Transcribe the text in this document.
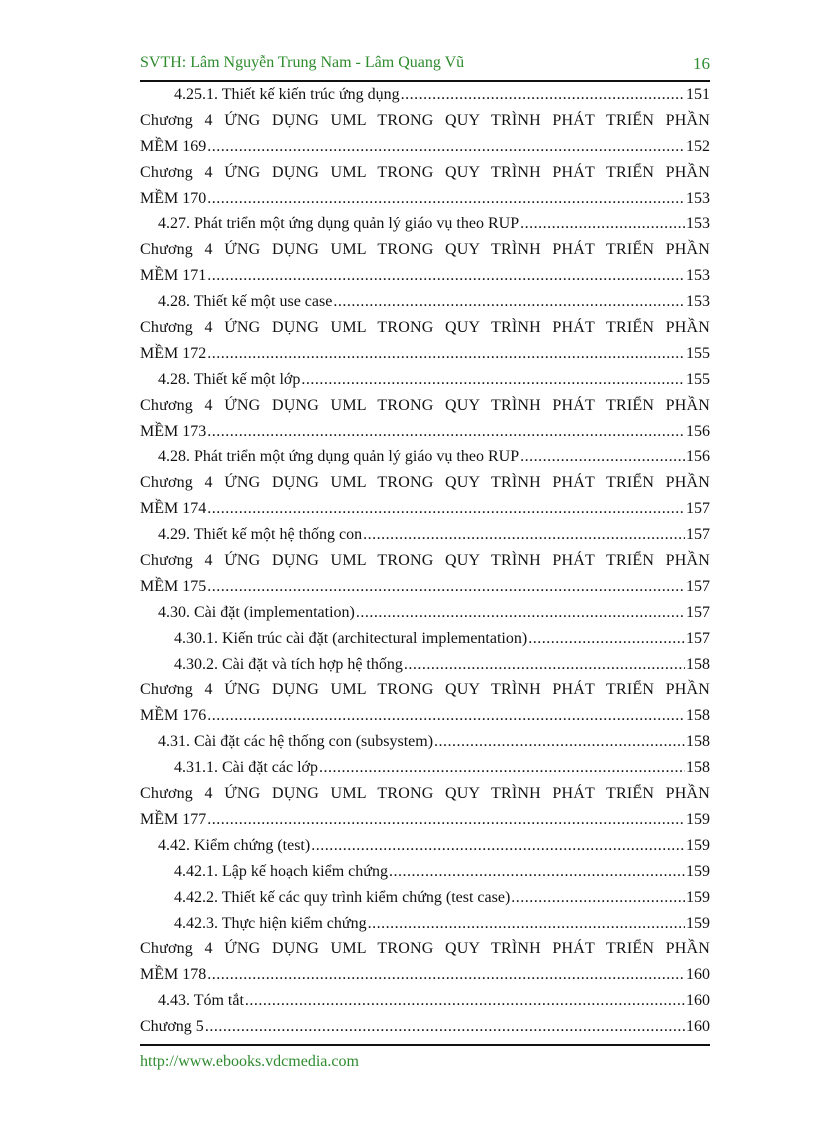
SVTH: Lâm Nguyễn Trung Nam - Lâm Quang Vũ	16
4.25.1. Thiết kế kiến trúc ứng dụng .....	151
Chương 4 ỨNG DỤNG UML TRONG QUY TRÌNH PHÁT TRIỂN PHẦN
MỀM 169 .....	152
Chương 4 ỨNG DỤNG UML TRONG QUY TRÌNH PHÁT TRIỂN PHẦN
MỀM 170 .....	153
4.27. Phát triển một ứng dụng quản lý giáo vụ theo RUP .....	153
Chương 4 ỨNG DỤNG UML TRONG QUY TRÌNH PHÁT TRIỂN PHẦN
MỀM 171 .....	153
4.28. Thiết kế một use case .....	153
Chương 4 ỨNG DỤNG UML TRONG QUY TRÌNH PHÁT TRIỂN PHẦN
MỀM 172 .....	155
4.28. Thiết kế một lớp .....	155
Chương 4 ỨNG DỤNG UML TRONG QUY TRÌNH PHÁT TRIỂN PHẦN
MỀM 173 .....	156
4.28. Phát triển một ứng dụng quản lý giáo vụ theo RUP .....	156
Chương 4 ỨNG DỤNG UML TRONG QUY TRÌNH PHÁT TRIỂN PHẦN
MỀM 174 .....	157
4.29. Thiết kế một hệ thống con .....	157
Chương 4 ỨNG DỤNG UML TRONG QUY TRÌNH PHÁT TRIỂN PHẦN
MỀM 175 .....	157
4.30. Cài đặt (implementation) .....	157
4.30.1. Kiến trúc cài đặt (architectural implementation) .....	157
4.30.2. Cài đặt và tích hợp hệ thống .....	158
Chương 4 ỨNG DỤNG UML TRONG QUY TRÌNH PHÁT TRIỂN PHẦN
MỀM 176 .....	158
4.31. Cài đặt các hệ thống con (subsystem) .....	158
4.31.1. Cài đặt các lớp .....	158
Chương 4 ỨNG DỤNG UML TRONG QUY TRÌNH PHÁT TRIỂN PHẦN
MỀM 177 .....	159
4.42. Kiểm chứng (test) .....	159
4.42.1. Lập kế hoạch kiểm chứng .....	159
4.42.2. Thiết kế các quy trình kiểm chứng (test case) .....	159
4.42.3. Thực hiện kiểm chứng .....	159
Chương 4 ỨNG DỤNG UML TRONG QUY TRÌNH PHÁT TRIỂN PHẦN
MỀM 178 .....	160
4.43. Tóm tắt .....	160
Chương 5 .....	160
http://www.ebooks.vdcmedia.com
